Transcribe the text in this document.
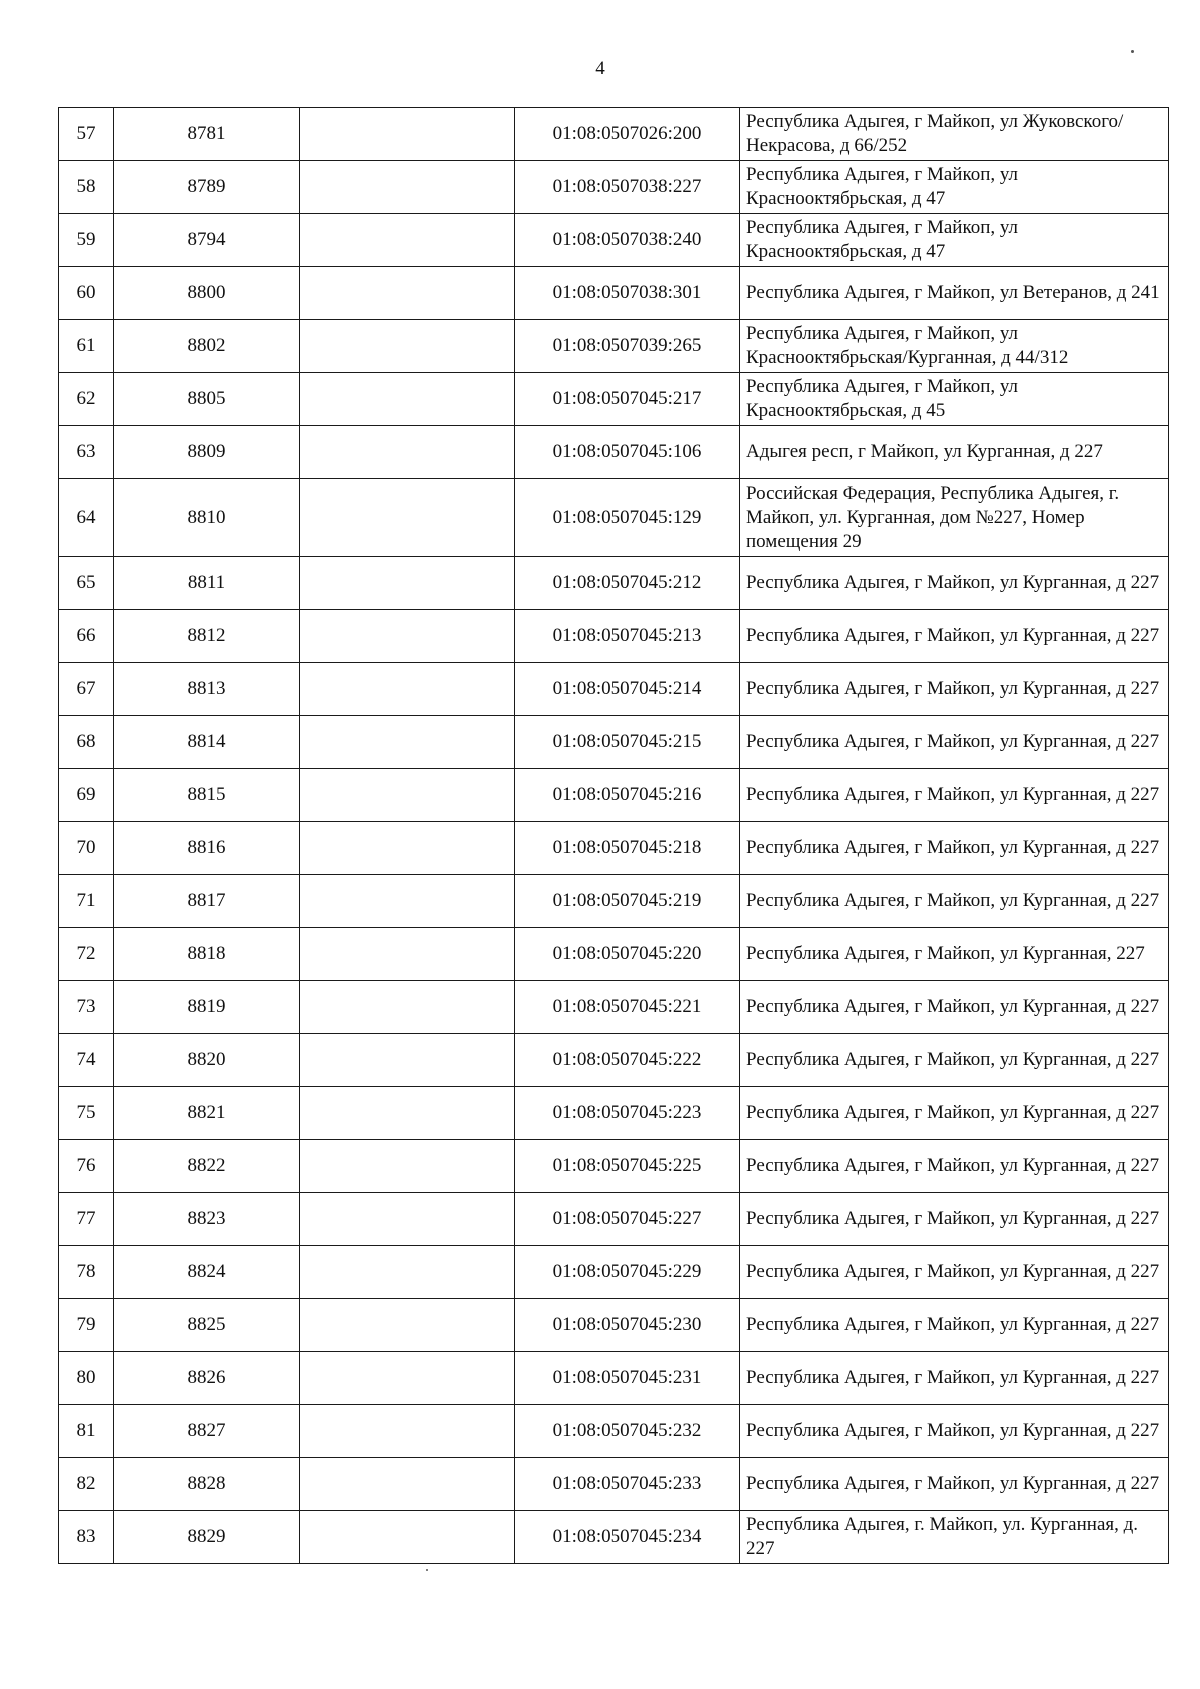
4
57	8781		01:08:0507026:200	Республика Адыгея, г Майкоп, ул Жуковского/Некрасова, д 66/252
58	8789		01:08:0507038:227	Республика Адыгея, г Майкоп, ул Краснооктябрьская, д 47
59	8794		01:08:0507038:240	Республика Адыгея, г Майкоп, ул Краснооктябрьская, д 47
60	8800		01:08:0507038:301	Республика Адыгея, г Майкоп, ул Ветеранов, д 241
61	8802		01:08:0507039:265	Республика Адыгея, г Майкоп, ул Краснооктябрьская/Курганная, д 44/312
62	8805		01:08:0507045:217	Республика Адыгея, г Майкоп, ул Краснооктябрьская, д 45
63	8809		01:08:0507045:106	Адыгея респ, г Майкоп, ул Курганная, д 227
64	8810		01:08:0507045:129	Российская Федерация, Республика Адыгея, г. Майкоп, ул. Курганная, дом №227, Номер помещения 29
65	8811		01:08:0507045:212	Республика Адыгея, г Майкоп, ул Курганная, д 227
66	8812		01:08:0507045:213	Республика Адыгея, г Майкоп, ул Курганная, д 227
67	8813		01:08:0507045:214	Республика Адыгея, г Майкоп, ул Курганная, д 227
68	8814		01:08:0507045:215	Республика Адыгея, г Майкоп, ул Курганная, д 227
69	8815		01:08:0507045:216	Республика Адыгея, г Майкоп, ул Курганная, д 227
70	8816		01:08:0507045:218	Республика Адыгея, г Майкоп, ул Курганная, д 227
71	8817		01:08:0507045:219	Республика Адыгея, г Майкоп, ул Курганная, д 227
72	8818		01:08:0507045:220	Республика Адыгея, г Майкоп, ул Курганная, 227
73	8819		01:08:0507045:221	Республика Адыгея, г Майкоп, ул Курганная, д 227
74	8820		01:08:0507045:222	Республика Адыгея, г Майкоп, ул Курганная, д 227
75	8821		01:08:0507045:223	Республика Адыгея, г Майкоп, ул Курганная, д 227
76	8822		01:08:0507045:225	Республика Адыгея, г Майкоп, ул Курганная, д 227
77	8823		01:08:0507045:227	Республика Адыгея, г Майкоп, ул Курганная, д 227
78	8824		01:08:0507045:229	Республика Адыгея, г Майкоп, ул Курганная, д 227
79	8825		01:08:0507045:230	Республика Адыгея, г Майкоп, ул Курганная, д 227
80	8826		01:08:0507045:231	Республика Адыгея, г Майкоп, ул Курганная, д 227
81	8827		01:08:0507045:232	Республика Адыгея, г Майкоп, ул Курганная, д 227
82	8828		01:08:0507045:233	Республика Адыгея, г Майкоп, ул Курганная, д 227
83	8829		01:08:0507045:234	Республика Адыгея, г. Майкоп, ул. Курганная, д. 227
